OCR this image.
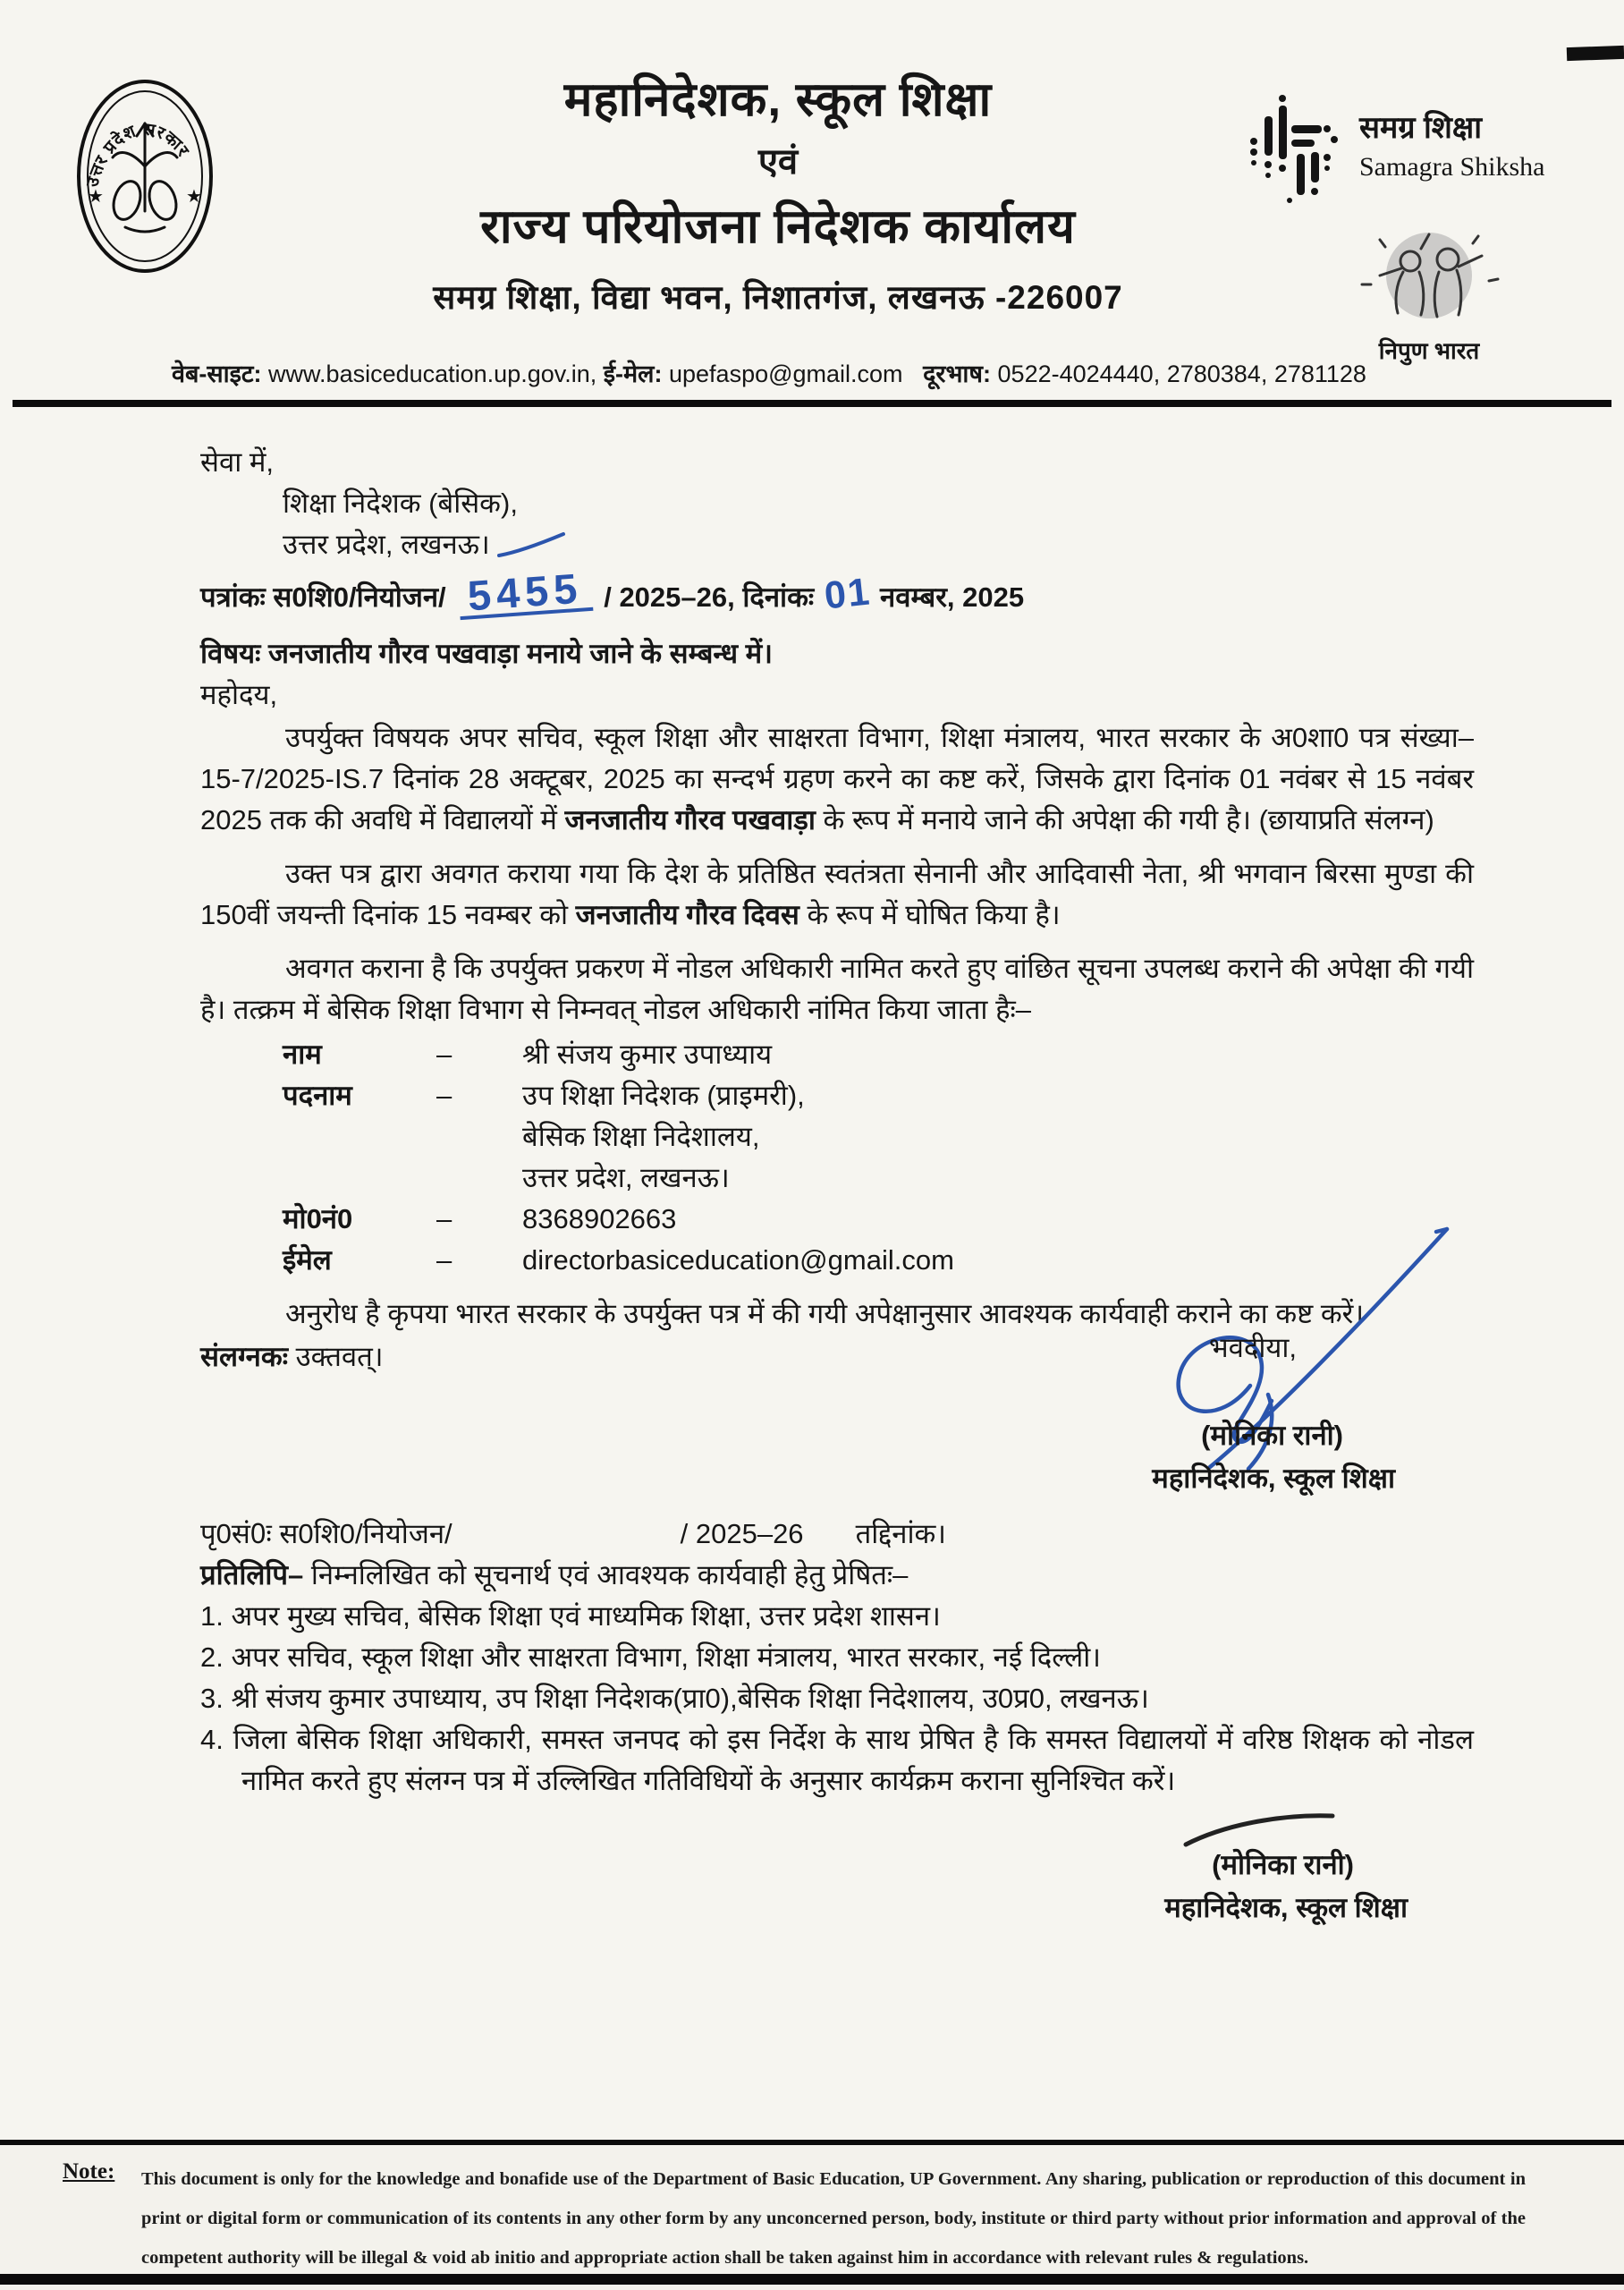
उत्तर प्रदेश सरकार
★	★
महानिदेशक, स्कूल शिक्षा
एवं
राज्य परियोजना निदेशक कार्यालय
समग्र शिक्षा, विद्या भवन, निशातगंज, लखनऊ -226007
समग्र शिक्षा
Samagra Shiksha
निपुण भारत
वेब-साइट: www.basiceducation.up.gov.in, ई-मेल: upefaspo@gmail.com दूरभाष: 0522-4024440, 2780384, 2781128
सेवा में,
शिक्षा निदेशक (बेसिक),
उत्तर प्रदेश, लखनऊ।
पत्रांकः स0शि0/नियोजन/ 5455 / 2025–26, दिनांकः 01 नवम्बर, 2025
विषयः जनजातीय गौरव पखवाड़ा मनाये जाने के सम्बन्ध में।
महोदय,
उपर्युक्त विषयक अपर सचिव, स्कूल शिक्षा और साक्षरता विभाग, शिक्षा मंत्रालय, भारत सरकार के अ0शा0 पत्र संख्या–15-7/2025-IS.7 दिनांक 28 अक्टूबर, 2025 का सन्दर्भ ग्रहण करने का कष्ट करें, जिसके द्वारा दिनांक 01 नवंबर से 15 नवंबर 2025 तक की अवधि में विद्यालयों में जनजातीय गौरव पखवाड़ा के रूप में मनाये जाने की अपेक्षा की गयी है। (छायाप्रति संलग्न)
उक्त पत्र द्वारा अवगत कराया गया कि देश के प्रतिष्ठित स्वतंत्रता सेनानी और आदिवासी नेता, श्री भगवान बिरसा मुण्डा की 150वीं जयन्ती दिनांक 15 नवम्बर को जनजातीय गौरव दिवस के रूप में घोषित किया है।
अवगत कराना है कि उपर्युक्त प्रकरण में नोडल अधिकारी नामित करते हुए वांछित सूचना उपलब्ध कराने की अपेक्षा की गयी है। तत्क्रम में बेसिक शिक्षा विभाग से निम्नवत् नोडल अधिकारी नांमित किया जाता हैः–
नाम	–	श्री संजय कुमार उपाध्याय
पदनाम	–	उप शिक्षा निदेशक (प्राइमरी),
बेसिक शिक्षा निदेशालय,
उत्तर प्रदेश, लखनऊ।
मो0नं0	–	8368902663
ईमेल	–	directorbasiceducation@gmail.com
अनुरोध है कृपया भारत सरकार के उपर्युक्त पत्र में की गयी अपेक्षानुसार आवश्यक कार्यवाही कराने का कष्ट करें।
संलग्नकः उक्तवत्।	भवदीया,
(मोनिका रानी)
महानिदेशक, स्कूल शिक्षा
पृ0सं0ः स0शि0/नियोजन/	/ 2025–26 तद्दिनांक।
प्रतिलिपि– निम्नलिखित को सूचनार्थ एवं आवश्यक कार्यवाही हेतु प्रेषितः–
1. अपर मुख्य सचिव, बेसिक शिक्षा एवं माध्यमिक शिक्षा, उत्तर प्रदेश शासन।
2. अपर सचिव, स्कूल शिक्षा और साक्षरता विभाग, शिक्षा मंत्रालय, भारत सरकार, नई दिल्ली।
3. श्री संजय कुमार उपाध्याय, उप शिक्षा निदेशक(प्रा0),बेसिक शिक्षा निदेशालय, उ0प्र0, लखनऊ।
4. जिला बेसिक शिक्षा अधिकारी, समस्त जनपद को इस निर्देश के साथ प्रेषित है कि समस्त विद्यालयों में वरिष्ठ शिक्षक को नोडल नामित करते हुए संलग्न पत्र में उल्लिखित गतिविधियों के अनुसार कार्यक्रम कराना सुनिश्चित करें।
(मोनिका रानी)
महानिदेशक, स्कूल शिक्षा
Note:	This document is only for the knowledge and bonafide use of the Department of Basic Education, UP Government. Any sharing, publication or reproduction of this document in print or digital form or communication of its contents in any other form by any unconcerned person, body, institute or third party without prior information and approval of the competent authority will be illegal & void ab initio and appropriate action shall be taken against him in accordance with relevant rules & regulations.
